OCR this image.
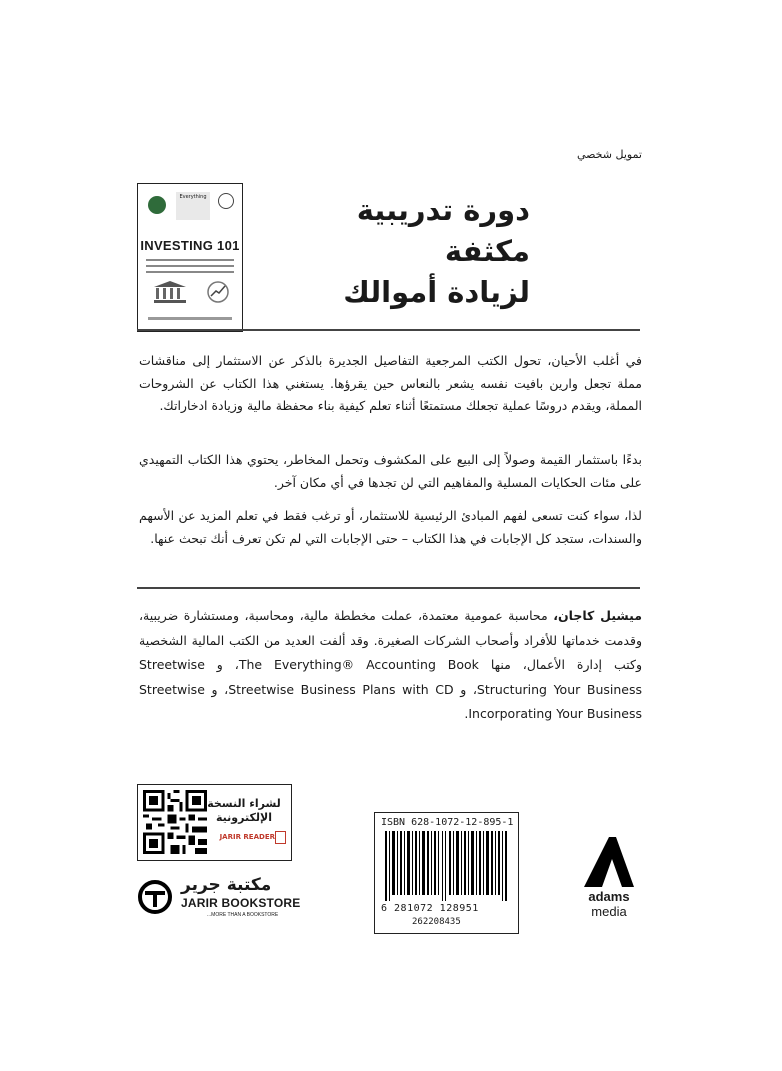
تمويل شخصي
Everything
INVESTING 101
دورة تدريبية
مكثفة
لزيادة أموالك
في أغلب الأحيان، تحول الكتب المرجعية التفاصيل الجديرة بالذكر عن الاستثمار إلى مناقشات مملة تجعل وارين بافيت نفسه يشعر بالنعاس حين يقرؤها. يستغني هذا الكتاب عن الشروحات المملة، ويقدم دروسًا عملية تجعلك مستمتعًا أثناء تعلم كيفية بناء محفظة مالية وزيادة ادخاراتك.
بدءًا باستثمار القيمة وصولاً إلى البيع على المكشوف وتحمل المخاطر، يحتوي هذا الكتاب التمهيدي على مئات الحكايات المسلية والمفاهيم التي لن تجدها في أي مكان آخر.
لذا، سواء كنت تسعى لفهم المبادئ الرئيسية للاستثمار، أو ترغب فقط في تعلم المزيد عن الأسهم والسندات، ستجد كل الإجابات في هذا الكتاب – حتى الإجابات التي لم تكن تعرف أنك تبحث عنها.
ميشيل كاجان، محاسبة عمومية معتمدة، عملت مخططة مالية، ومحاسبة، ومستشارة ضريبية، وقدمت خدماتها للأفراد وأصحاب الشركات الصغيرة. وقد ألفت العديد من الكتب المالية الشخصية وكتب إدارة الأعمال، منها The Everything® Accounting Book، و Streetwise Structuring Your Business، و Streetwise Business Plans with CD، و Streetwise Incorporating Your Business.
لشراء النسخة
الإلكترونية
JARIR READER
مكتبة جرير
JARIR BOOKSTORE
...MORE THAN A BOOKSTORE
ISBN 628-1072-12-895-1
6 281072 128951
262208435
adams
media
